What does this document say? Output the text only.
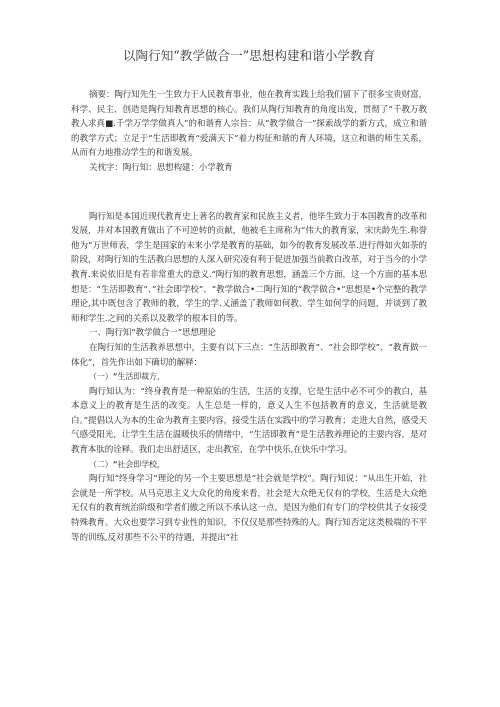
以陶行知“教学做合一”思想构建和谐小学教育

摘要：陶行知先生一生致力于人民教育事业，他在教育实践上给我们留下了很多宝贵财富，科学、民主、创造是陶行知教育思想的核心。我们从陶行知教育的角度出发，贯彻了“千教万教教人求真■.千学万学学做真人”的和谐育人宗旨：从“教学做合一”探索战学的新方式，成立和谐的教学方式；立足于“生活即教育“爱满天下”着力构征和谐的育人环境，这立和谐的师生关系，从而有力地推动学生的和谐发展。

关枕字：陶行知：思想构建：小学教育

陶行知是本国近现代教育史上著名的教育家和民族主义者，他毕生致力于本国教育的改革和发展，并对本国教育做出了不可逆转的贡献，他被毛主席称为“伟大的教育家，宋庆龄先生.称誉他为“万世师表，学生是国家的未来小学是教育的基础，如今的教育发展改革.进行得如火如荼的阶段，对陶行知的生活教白思想的人深入研究凌有利于促进加强当前教白改革，对于当今的小学教育.来说依旧是有若非常重大的意义.“陶行知的教育思想，涵盖三个方面，这一个方面的基本思想是：“生活即教育”、”社会即学校”、“教学做合•二陶行知的“教学做合•”思想是•个完整的教学理论,其中既包含了教师的教，学生的学.乂涵盖了教师如何教、学生如何学的问题，并谈到了教师和学生.之间的关系以及教学的根本目的等。

一、陶行知“教学做合一”思想理论

在陶行知的生活教养思想中，主要有以下三点：“生活即教育”、“社会即学校”、“教育做一体化”，首先作出如下确切的解释：

（一）“生活即裁方，

陶行知认为：“终身教育是一种原始的生活，生活的支撑，它是生活中必不可少的教白，基本意义上的教育是生活的改变。人生总是一样的，意义人生不包括教育的意义，生活就是教白。”提倡以人为本的生命为教育主要内容，接受生活在实践中的学习教育；走进大自然，感受天气感受阳光，让学生生活在温暖快乐的情绪中，“生活即教育”是生活教养理论的主要内容，是对教育本肽的诠释。我们走出舒适区，走出教室，在学中快乐,在快乐中学习。

（二）“社会即学校，

陶行知“终身学习”理论的另一个主要思想是“社会就是学校”。陶行知说：“从出生开始，社会就是一所学校。从马克思主义大众化的角度来看，社会是大众绝无仅有的学校，生活是大众绝无仅有的教育统治阶级和学者们傲之所以不承认这一点，是因为他们有专门的学校供其子女接受特殊教育。大众也要学习到专业性的知识，不仅仅是那些特殊的人。陶行知否定这类极端的不平等的训练,反对那些不公平的待遇，并提出“社
